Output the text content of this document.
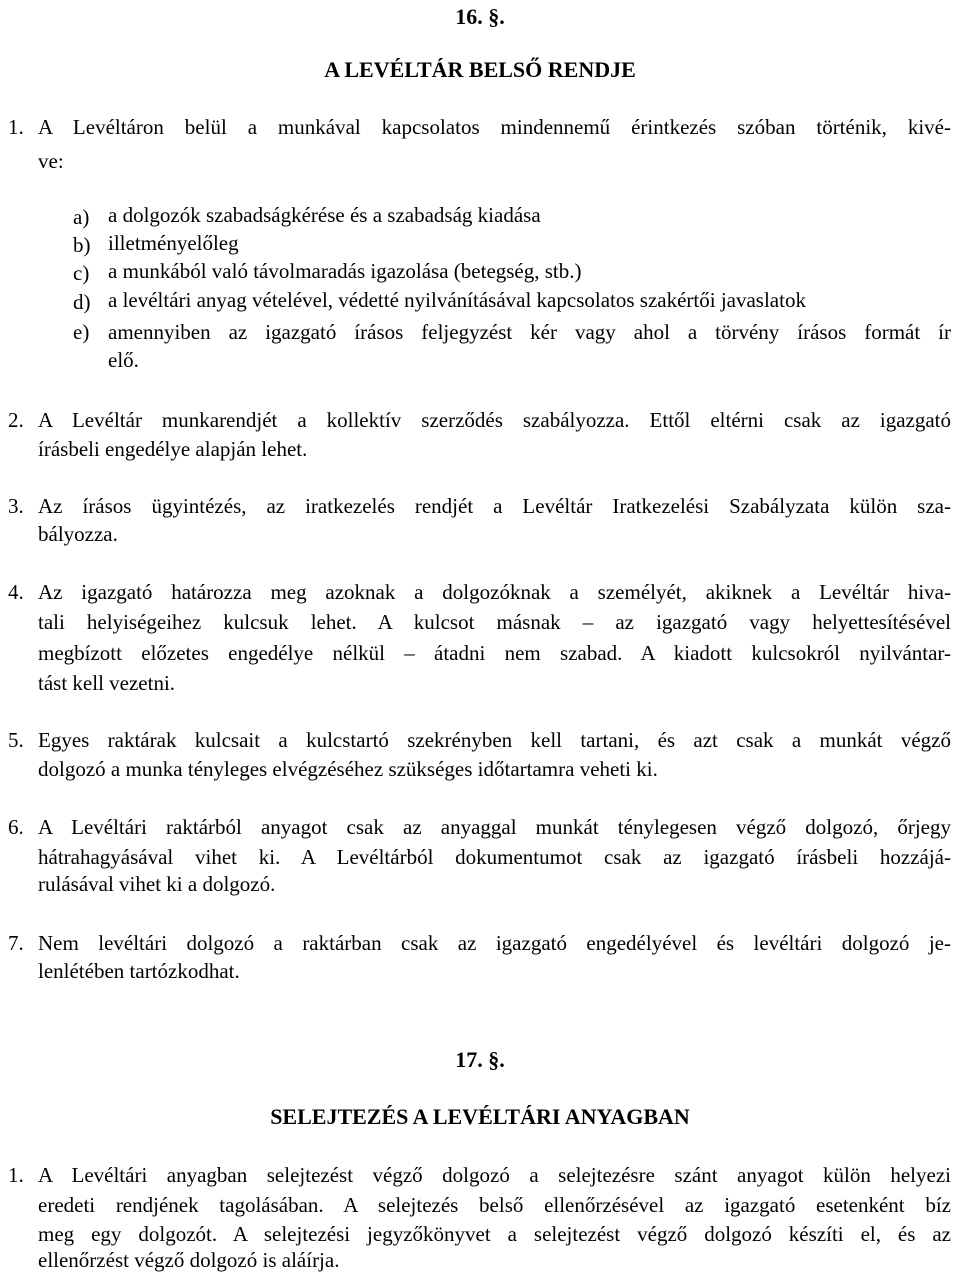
16. §.
A LEVÉLTÁR BELSŐ RENDJE
1. A Levéltáron belül a munkával kapcsolatos mindennemű érintkezés szóban történik, kivé-
ve:
a) a dolgozók szabadságkérése és a szabadság kiadása
b) illetményelőleg
c) a munkából való távolmaradás igazolása (betegség, stb.)
d) a levéltári anyag vételével, védetté nyilvánításával kapcsolatos szakértői javaslatok
e) amennyiben az igazgató írásos feljegyzést kér vagy ahol a törvény írásos formát ír
elő.
2. A Levéltár munkarendjét a kollektív szerződés szabályozza. Ettől eltérni csak az igazgató
írásbeli engedélye alapján lehet.
3. Az írásos ügyintézés, az iratkezelés rendjét a Levéltár Iratkezelési Szabályzata külön sza-
bályozza.
4. Az igazgató határozza meg azoknak a dolgozóknak a személyét, akiknek a Levéltár hiva-
tali helyiségeihez kulcsuk lehet. A kulcsot másnak – az igazgató vagy helyettesítésével
megbízott előzetes engedélye nélkül – átadni nem szabad. A kiadott kulcsokról nyilvántar-
tást kell vezetni.
5. Egyes raktárak kulcsait a kulcstartó szekrényben kell tartani, és azt csak a munkát végző
dolgozó a munka tényleges elvégzéséhez szükséges időtartamra veheti ki.
6. A Levéltári raktárból anyagot csak az anyaggal munkát ténylegesen végző dolgozó, őrjegy
hátrahagyásával vihet ki. A Levéltárból dokumentumot csak az igazgató írásbeli hozzájá-
rulásával vihet ki a dolgozó.
7. Nem levéltári dolgozó a raktárban csak az igazgató engedélyével és levéltári dolgozó je-
lenlétében tartózkodhat.
17. §.
SELEJTEZÉS A LEVÉLTÁRI ANYAGBAN
1. A Levéltári anyagban selejtezést végző dolgozó a selejtezésre szánt anyagot külön helyezi
eredeti rendjének tagolásában. A selejtezés belső ellenőrzésével az igazgató esetenként bíz
meg egy dolgozót. A selejtezési jegyzőkönyvet a selejtezést végző dolgozó készíti el, és az
ellenőrzést végző dolgozó is aláírja.
